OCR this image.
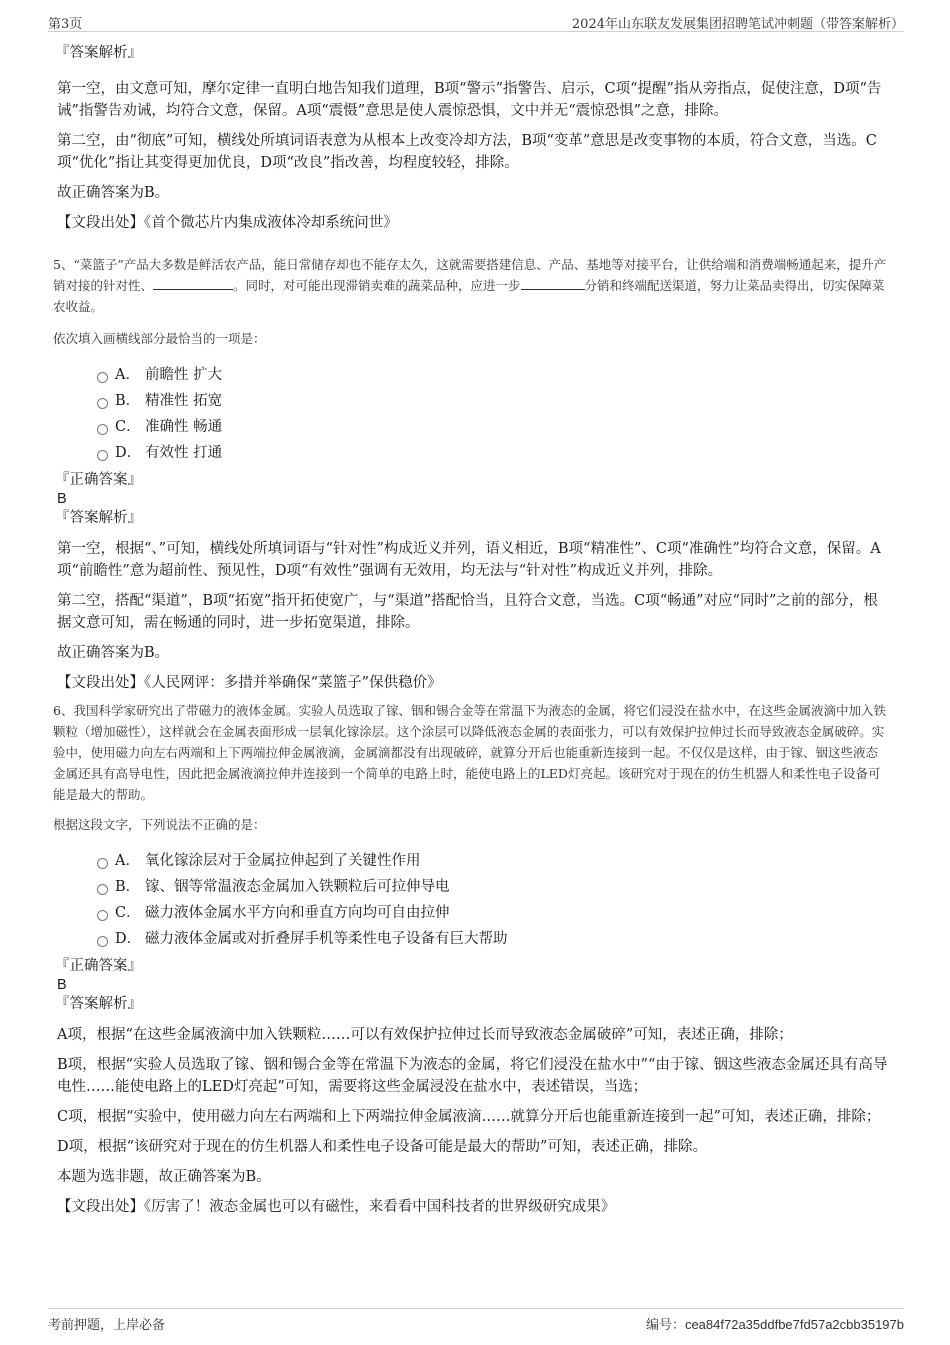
第3页	2024年山东联友发展集团招聘笔试冲刺题（带答案解析）
『答案解析』

第一空，由文意可知，摩尔定律一直明白地告知我们道理，B项“警示”指警告、启示，C项“提醒”指从旁指点，促使注意，D项“告诫”指警告劝诫，均符合文意，保留。A项“震慑”意思是使人震惊恐惧，文中并无“震惊恐惧”之意，排除。

第二空，由“彻底”可知，横线处所填词语表意为从根本上改变冷却方法，B项“变革”意思是改变事物的本质，符合文意，当选。C项“优化”指让其变得更加优良，D项“改良”指改善，均程度较轻，排除。

故正确答案为B。

【文段出处】《首个微芯片内集成液体冷却系统问世》

5、“菜篮子”产品大多数是鲜活农产品，能日常储存却也不能存太久，这就需要搭建信息、产品、基地等对接平台，让供给端和消费端畅通起来，提升产销对接的针对性、	。同时，对可能出现滞销卖难的蔬菜品种，应进一步	分销和终端配送渠道，努力让菜品卖得出，切实保障菜农收益。
依次填入画横线部分最恰当的一项是：
A． 前瞻性 扩大
B． 精准性 拓宽
C． 准确性 畅通
D． 有效性 打通
『正确答案』
B
『答案解析』

第一空，根据“、”可知，横线处所填词语与“针对性”构成近义并列，语义相近，B项“精准性”、C项“准确性”均符合文意，保留。A项“前瞻性”意为超前性、预见性，D项“有效性”强调有无效用，均无法与“针对性”构成近义并列，排除。

第二空，搭配“渠道”，B项“拓宽”指开拓使宽广，与“渠道”搭配恰当，且符合文意，当选。C项“畅通”对应“同时”之前的部分，根据文意可知，需在畅通的同时，进一步拓宽渠道，排除。

故正确答案为B。

【文段出处】《人民网评：多措并举确保“菜篮子”保供稳价》

6、我国科学家研究出了带磁力的液体金属。实验人员选取了镓、铟和锡合金等在常温下为液态的金属，将它们浸没在盐水中，在这些金属液滴中加入铁颗粒（增加磁性），这样就会在金属表面形成一层氧化镓涂层。这个涂层可以降低液态金属的表面张力，可以有效保护拉伸过长而导致液态金属破碎。实验中，使用磁力向左右两端和上下两端拉伸金属液滴，金属滴都没有出现破碎，就算分开后也能重新连接到一起。不仅仅是这样，由于镓、铟这些液态金属还具有高导电性，因此把金属液滴拉伸并连接到一个简单的电路上时，能使电路上的LED灯亮起。该研究对于现在的仿生机器人和柔性电子设备可能是最大的帮助。
根据这段文字，下列说法不正确的是：
A． 氧化镓涂层对于金属拉伸起到了关键性作用
B． 镓、铟等常温液态金属加入铁颗粒后可拉伸导电
C． 磁力液体金属水平方向和垂直方向均可自由拉伸
D． 磁力液体金属或对折叠屏手机等柔性电子设备有巨大帮助
『正确答案』
B
『答案解析』

A项，根据“在这些金属液滴中加入铁颗粒……可以有效保护拉伸过长而导致液态金属破碎”可知，表述正确，排除；

B项，根据“实验人员选取了镓、铟和锡合金等在常温下为液态的金属，将它们浸没在盐水中”“由于镓、铟这些液态金属还具有高导电性……能使电路上的LED灯亮起”可知，需要将这些金属浸没在盐水中，表述错误，当选；

C项，根据“实验中，使用磁力向左右两端和上下两端拉伸金属液滴……就算分开后也能重新连接到一起”可知，表述正确，排除；

D项，根据“该研究对于现在的仿生机器人和柔性电子设备可能是最大的帮助”可知，表述正确，排除。

本题为选非题，故正确答案为B。

【文段出处】《厉害了！液态金属也可以有磁性，来看看中国科技者的世界级研究成果》

考前押题，上岸必备	编号：cea84f72a35ddfbe7fd57a2cbb35197b
